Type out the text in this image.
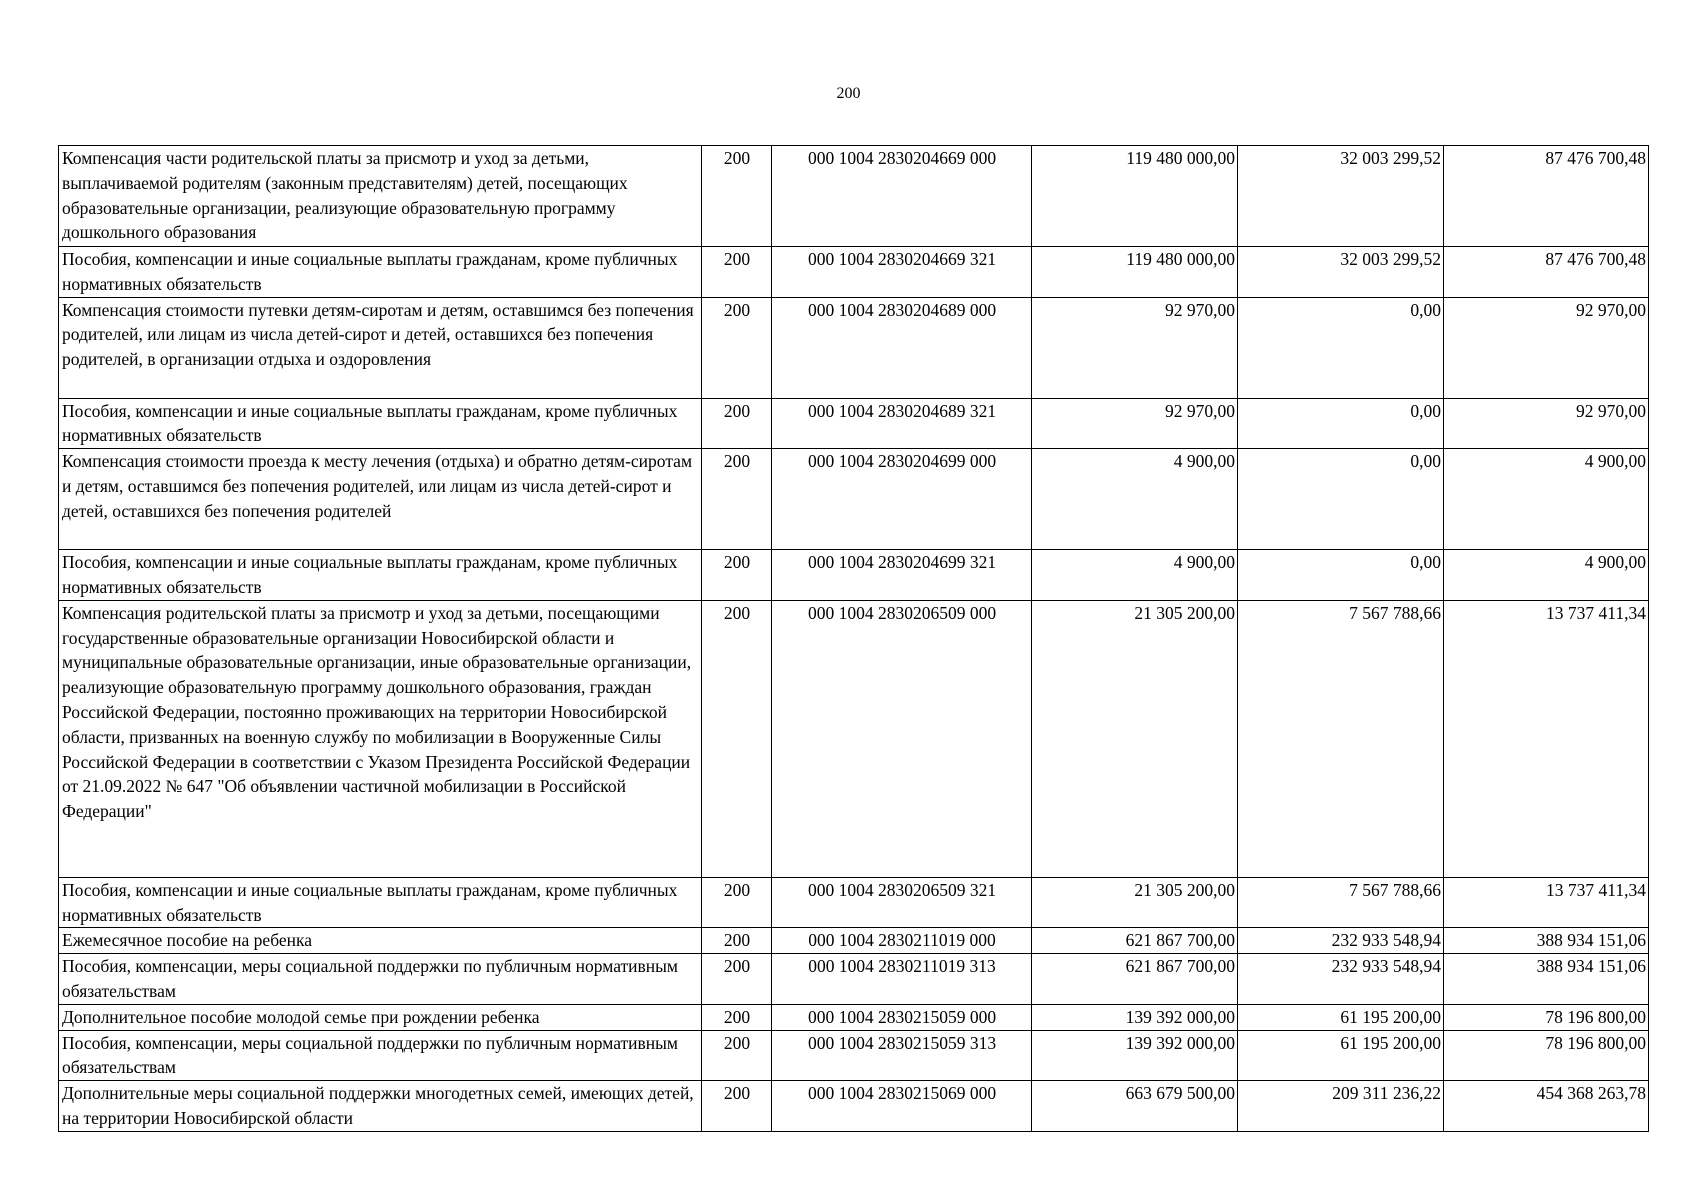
200
Компенсация части родительской платы за присмотр и уход за детьми, выплачиваемой родителям (законным представителям) детей, посещающих образовательные организации, реализующие образовательную программу дошкольного образования	200	000 1004 2830204669 000	119 480 000,00	32 003 299,52	87 476 700,48
Пособия, компенсации и иные социальные выплаты гражданам, кроме публичных нормативных обязательств	200	000 1004 2830204669 321	119 480 000,00	32 003 299,52	87 476 700,48
Компенсация стоимости путевки детям-сиротам и детям, оставшимся без попечения родителей, или лицам из числа детей-сирот и детей, оставшихся без попечения родителей, в организации отдыха и оздоровления	200	000 1004 2830204689 000	92 970,00	0,00	92 970,00
Пособия, компенсации и иные социальные выплаты гражданам, кроме публичных нормативных обязательств	200	000 1004 2830204689 321	92 970,00	0,00	92 970,00
Компенсация стоимости проезда к месту лечения (отдыха) и обратно детям-сиротам и детям, оставшимся без попечения родителей, или лицам из числа детей-сирот и детей, оставшихся без попечения родителей	200	000 1004 2830204699 000	4 900,00	0,00	4 900,00
Пособия, компенсации и иные социальные выплаты гражданам, кроме публичных нормативных обязательств	200	000 1004 2830204699 321	4 900,00	0,00	4 900,00
Компенсация родительской платы за присмотр и уход за детьми, посещающими государственные образовательные организации Новосибирской области и муниципальные образовательные организации, иные образовательные организации, реализующие образовательную программу дошкольного образования, граждан Российской Федерации, постоянно проживающих на территории Новосибирской области, призванных на военную службу по мобилизации в Вооруженные Силы Российской Федерации в соответствии с Указом Президента Российской Федерации от 21.09.2022 № 647 "Об объявлении частичной мобилизации в Российской Федерации"	200	000 1004 2830206509 000	21 305 200,00	7 567 788,66	13 737 411,34
Пособия, компенсации и иные социальные выплаты гражданам, кроме публичных нормативных обязательств	200	000 1004 2830206509 321	21 305 200,00	7 567 788,66	13 737 411,34
Ежемесячное пособие на ребенка	200	000 1004 2830211019 000	621 867 700,00	232 933 548,94	388 934 151,06
Пособия, компенсации, меры социальной поддержки по публичным нормативным обязательствам	200	000 1004 2830211019 313	621 867 700,00	232 933 548,94	388 934 151,06
Дополнительное пособие молодой семье при рождении ребенка	200	000 1004 2830215059 000	139 392 000,00	61 195 200,00	78 196 800,00
Пособия, компенсации, меры социальной поддержки по публичным нормативным обязательствам	200	000 1004 2830215059 313	139 392 000,00	61 195 200,00	78 196 800,00
Дополнительные меры социальной поддержки многодетных семей, имеющих детей, на территории Новосибирской области	200	000 1004 2830215069 000	663 679 500,00	209 311 236,22	454 368 263,78
